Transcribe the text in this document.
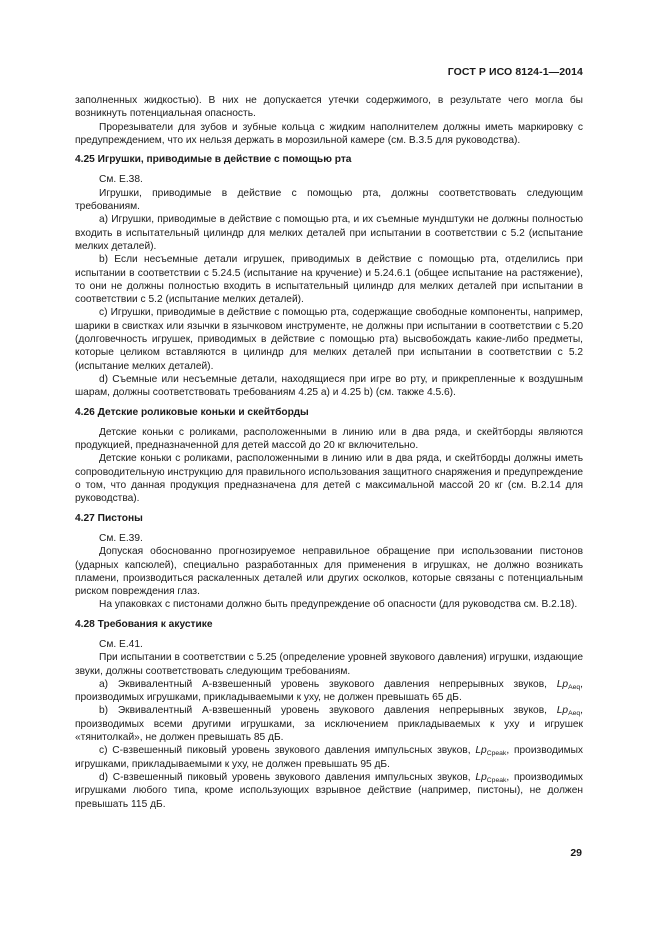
ГОСТ Р ИСО 8124-1—2014

заполненных жидкостью). В них не допускается утечки содержимого, в результате чего могла бы возникнуть потенциальная опасность.

Прорезыватели для зубов и зубные кольца с жидким наполнителем должны иметь маркировку с предупреждением, что их нельзя держать в морозильной камере (см. В.3.5 для руководства).

4.25 Игрушки, приводимые в действие с помощью рта

См. Е.38.

Игрушки, приводимые в действие с помощью рта, должны соответствовать следующим требованиям.

a) Игрушки, приводимые в действие с помощью рта, и их съемные мундштуки не должны полностью входить в испытательный цилиндр для мелких деталей при испытании в соответствии с 5.2 (испытание мелких деталей).

b) Если несъемные детали игрушек, приводимых в действие с помощью рта, отделились при испытании в соответствии с 5.24.5 (испытание на кручение) и 5.24.6.1 (общее испытание на растяжение), то они не должны полностью входить в испытательный цилиндр для мелких деталей при испытании в соответствии с 5.2 (испытание мелких деталей).

c) Игрушки, приводимые в действие с помощью рта, содержащие свободные компоненты, например, шарики в свистках или язычки в язычковом инструменте, не должны при испытании в соответствии с 5.20 (долговечность игрушек, приводимых в действие с помощью рта) высвобождать какие-либо предметы, которые целиком вставляются в цилиндр для мелких деталей при испытании в соответствии с 5.2 (испытание мелких деталей).

d) Съемные или несъемные детали, находящиеся при игре во рту, и прикрепленные к воздушным шарам, должны соответствовать требованиям 4.25 a) и 4.25 b) (см. также 4.5.6).

4.26 Детские роликовые коньки и скейтборды

Детские коньки с роликами, расположенными в линию или в два ряда, и скейтборды являются продукцией, предназначенной для детей массой до 20 кг включительно.

Детские коньки с роликами, расположенными в линию или в два ряда, и скейтборды должны иметь сопроводительную инструкцию для правильного использования защитного снаряжения и предупреждение о том, что данная продукция предназначена для детей с максимальной массой 20 кг (см. В.2.14 для руководства).

4.27 Пистоны

См. Е.39.

Допуская обоснованно прогнозируемое неправильное обращение при использовании пистонов (ударных капсюлей), специально разработанных для применения в игрушках, не должно возникать пламени, производиться раскаленных деталей или других осколков, которые связаны с потенциальным риском повреждения глаз.

На упаковках с пистонами должно быть предупреждение об опасности (для руководства см. В.2.18).

4.28 Требования к акустике

См. Е.41.

При испытании в соответствии с 5.25 (определение уровней звукового давления) игрушки, издающие звуки, должны соответствовать следующим требованиям.

a) Эквивалентный А-взвешенный уровень звукового давления непрерывных звуков, $Lp_{Aeq}$, производимых игрушками, прикладываемыми к уху, не должен превышать 65 дБ.

b) Эквивалентный А-взвешенный уровень звукового давления непрерывных звуков, $Lp_{Aeq}$, производимых всеми другими игрушками, за исключением прикладываемых к уху и игрушек «тянитолкай», не должен превышать 85 дБ.

c) С-взвешенный пиковый уровень звукового давления импульсных звуков, $Lp_{Cpeak}$, производимых игрушками, прикладываемыми к уху, не должен превышать 95 дБ.

d) С-взвешенный пиковый уровень звукового давления импульсных звуков, $Lp_{Cpeak}$, производимых игрушками любого типа, кроме использующих взрывное действие (например, пистоны), не должен превышать 115 дБ.

29
